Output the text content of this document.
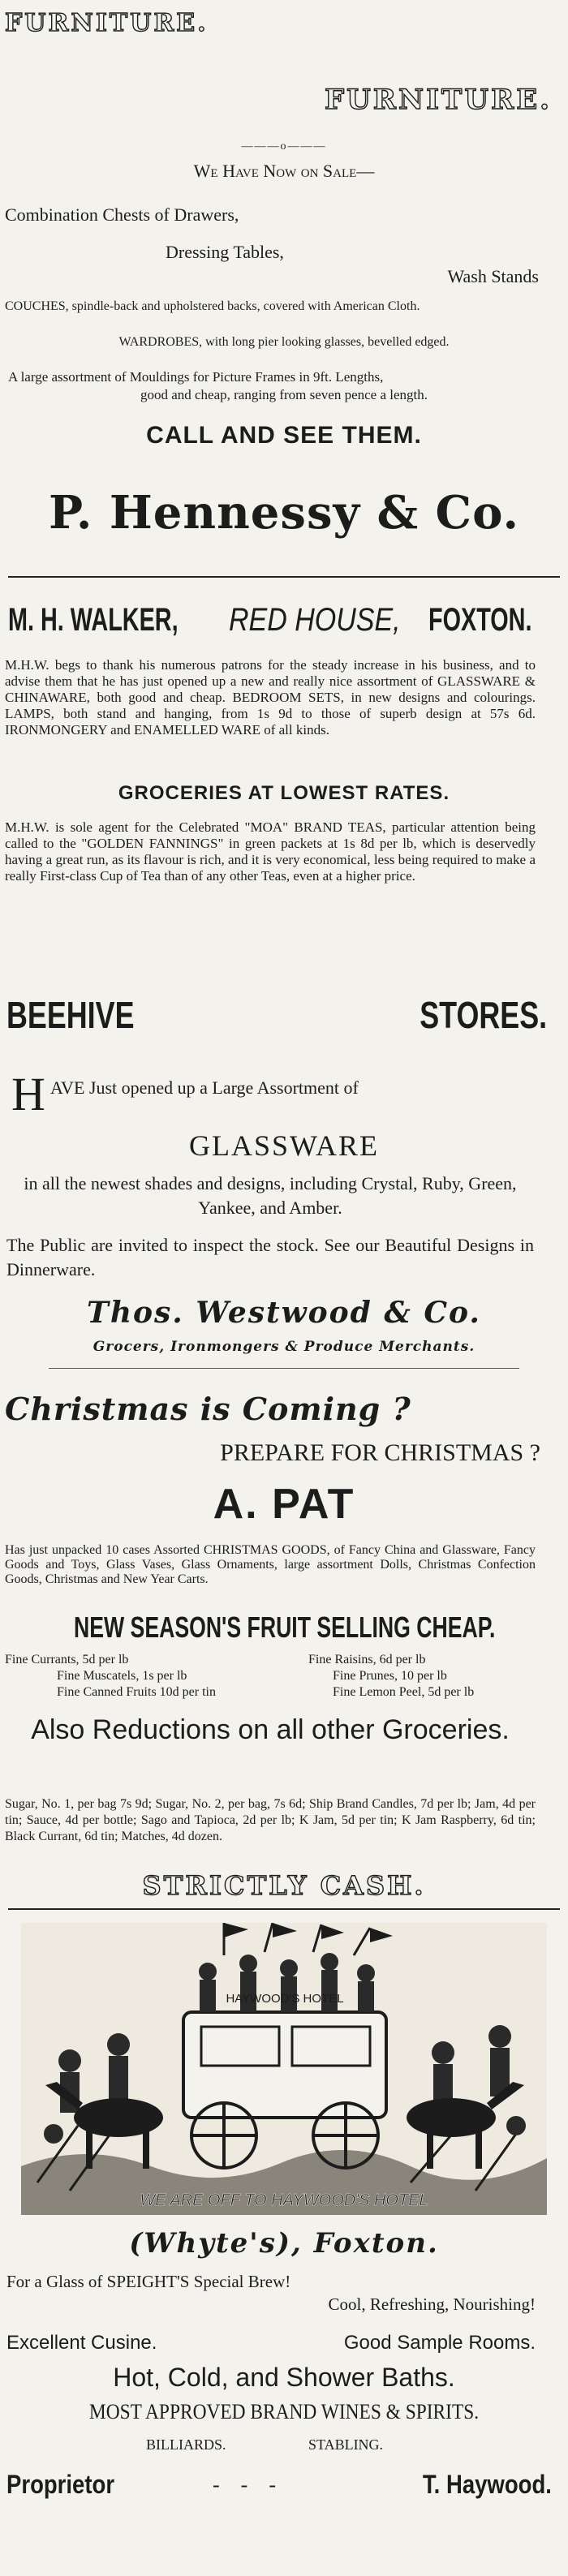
FURNITURE.
FURNITURE.
———o———
We Have Now on Sale—
Combination Chests of Drawers,
Dressing Tables,
Wash Stands
COUCHES, spindle-back and upholstered backs, covered with American Cloth.
WARDROBES, with long pier looking glasses, bevelled edged.
A large assortment of Mouldings for Picture Frames in 9ft. Lengths,
good and cheap, ranging from seven pence a length.
CALL AND SEE THEM.
P. Hennessy & Co.
M. H. WALKER, RED HOUSE, FOXTON.
M.H.W. begs to thank his numerous patrons for the steady increase in his business, and to advise them that he has just opened up a new and really nice assortment of GLASSWARE & CHINAWARE, both good and cheap. BEDROOM SETS, in new designs and colourings. LAMPS, both stand and hanging, from 1s 9d to those of superb design at 57s 6d. IRONMONGERY and ENAMELLED WARE of all kinds.
GROCERIES AT LOWEST RATES.
M.H.W. is sole agent for the Celebrated "MOA" BRAND TEAS, particular attention being called to the "GOLDEN FANNINGS" in green packets at 1s 8d per lb, which is deservedly having a great run, as its flavour is rich, and it is very economical, less being required to make a really First-class Cup of Tea than of any other Teas, even at a higher price.
BEEHIVE	STORES.
H AVE Just opened up a Large Assortment of
GLASSWARE
in all the newest shades and designs, including Crystal, Ruby, Green, Yankee, and Amber.
The Public are invited to inspect the stock. See our Beautiful Designs in Dinnerware.
Thos. Westwood & Co.
Grocers, Ironmongers & Produce Merchants.
Christmas is Coming ?
PREPARE FOR CHRISTMAS ?
A. PAT
Has just unpacked 10 cases Assorted CHRISTMAS GOODS, of Fancy China and Glassware, Fancy Goods and Toys, Glass Vases, Glass Ornaments, large assortment Dolls, Christmas Confection Goods, Christmas and New Year Carts.
NEW SEASON'S FRUIT SELLING CHEAP.
Fine Currants, 5d per lb
Fine Muscatels, 1s per lb
Fine Canned Fruits 10d per tin
Fine Raisins, 6d per lb
Fine Prunes, 10 per lb
Fine Lemon Peel, 5d per lb
Also Reductions on all other Groceries.
Sugar, No. 1, per bag 7s 9d; Sugar, No. 2, per bag, 7s 6d; Ship Brand Candles, 7d per lb; Jam, 4d per tin; Sauce, 4d per bottle; Sago and Tapioca, 2d per lb; K Jam, 5d per tin; K Jam Raspberry, 6d tin; Black Currant, 6d tin; Matches, 4d dozen.
STRICTLY CASH.
HAYWOOD'S HOTEL
WE ARE OFF TO HAYWOOD'S HOTEL
(Whyte's), Foxton.
For a Glass of SPEIGHT'S Special Brew!
Cool, Refreshing, Nourishing!
Excellent Cusine.	Good Sample Rooms.
Hot, Cold, and Shower Baths.
MOST APPROVED BRAND WINES & SPIRITS.
BILLIARDS.	STABLING.
Proprietor	-    -    -	T. Haywood.
